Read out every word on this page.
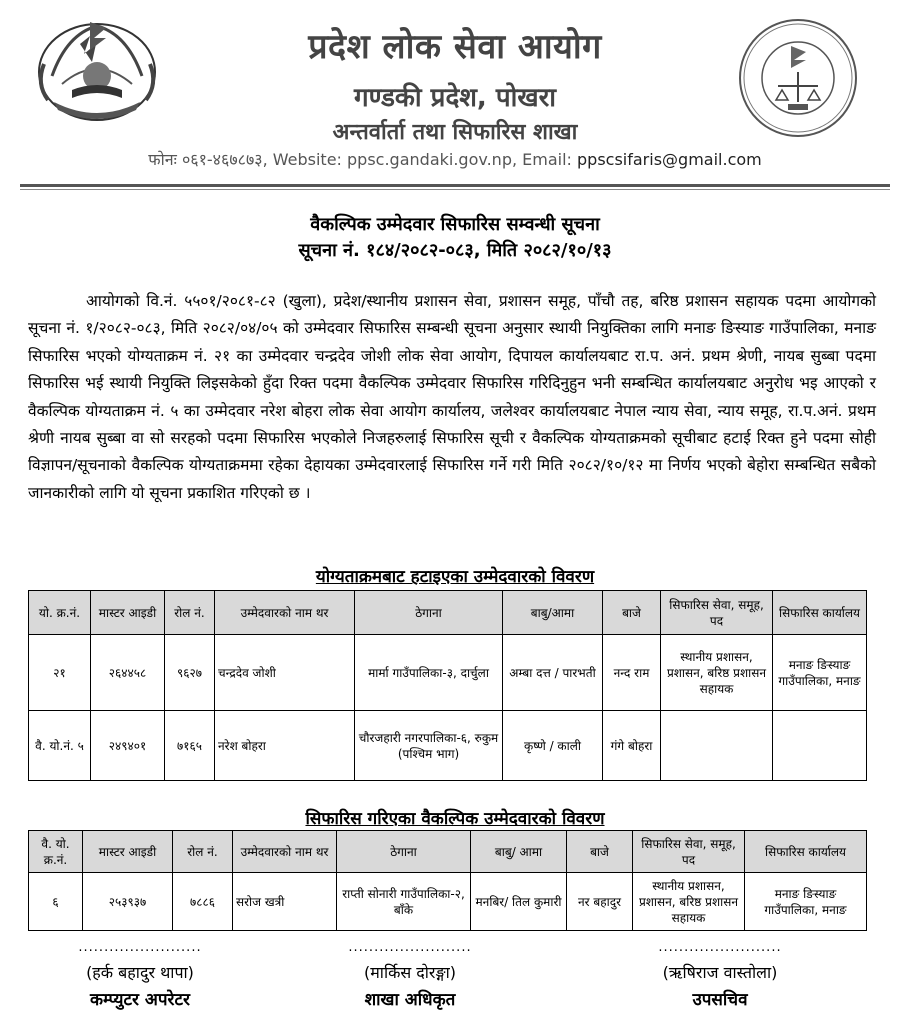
प्रदेश लोक सेवा आयोग
गण्डकी प्रदेश, पोखरा
अन्तर्वार्ता तथा सिफारिस शाखा
फोनः ०६१-४६७८७३, Website: ppsc.gandaki.gov.np, Email: ppscsifaris@gmail.com
वैकल्पिक उम्मेदवार सिफारिस सम्वन्धी सूचना
सूचना नं. १८४/२०८२-०८३, मिति २०८२/१०/१३
आयोगको वि.नं. ५५०१/२०८१-८२ (खुला), प्रदेश/स्थानीय प्रशासन सेवा, प्रशासन समूह, पाँचौ तह, बरिष्ठ प्रशासन सहायक पदमा आयोगको सूचना नं. १/२०८२-०८३, मिति २०८२/०४/०५ को उम्मेदवार सिफारिस सम्बन्धी सूचना अनुसार स्थायी नियुक्तिका लागि मनाङ ङिस्याङ गाउँपालिका, मनाङ सिफारिस भएको योग्यताक्रम नं. २१ का उम्मेदवार चन्द्रदेव जोशी लोक सेवा आयोग, दिपायल कार्यालयबाट रा.प. अनं. प्रथम श्रेणी, नायब सुब्बा पदमा सिफारिस भई स्थायी नियुक्ति लिइसकेको हुँदा रिक्त पदमा वैकल्पिक उम्मेदवार सिफारिस गरिदिनुहुन भनी सम्बन्धित कार्यालयबाट अनुरोध भइ आएको र वैकल्पिक योग्यताक्रम नं. ५ का उम्मेदवार नरेश बोहरा लोक सेवा आयोग कार्यालय, जलेश्वर कार्यालयबाट नेपाल न्याय सेवा, न्याय समूह, रा.प.अनं. प्रथम श्रेणी नायब सुब्बा वा सो सरहको पदमा सिफारिस भएकोले निजहरुलाई सिफारिस सूची र वैकल्पिक योग्यताक्रमको सूचीबाट हटाई रिक्त हुने पदमा सोही विज्ञापन/सूचनाको वैकल्पिक योग्यताक्रममा रहेका देहायका उम्मेदवारलाई सिफारिस गर्ने गरी मिति २०८२/१०/१२ मा निर्णय भएको बेहोरा सम्बन्धित सबैको जानकारीको लागि यो सूचना प्रकाशित गरिएको छ ।
योग्यताक्रमबाट हटाइएका उम्मेदवारको विवरण
यो. क्र.नं.	मास्टर आइडी	रोल नं.	उम्मेदवारको नाम थर	ठेगाना	बाबु/आमा	बाजे	सिफारिस सेवा, समूह, पद	सिफारिस कार्यालय
२१	२६४४५८	९६२७	चन्द्रदेव जोशी	मार्मा गाउँपालिका-३, दार्चुला	अम्बा दत्त / पारभती	नन्द राम	स्थानीय प्रशासन, प्रशासन, बरिष्ठ प्रशासन सहायक	मनाङ ङिस्याङ गाउँपालिका, मनाङ
वै. यो.नं. ५	२४९४०१	७१६५	नरेश बोहरा	चौरजहारी नगरपालिका-६, रुकुम (पश्चिम भाग)	कृष्णे / काली	गंगे बोहरा		
सिफारिस गरिएका वैकल्पिक उम्मेदवारको विवरण
वै. यो. क्र.नं.	मास्टर आइडी	रोल नं.	उम्मेदवारको नाम थर	ठेगाना	बाबु/ आमा	बाजे	सिफारिस सेवा, समूह, पद	सिफारिस कार्यालय
६	२५३९३७	७८८६	सरोज खत्री	राप्ती सोनारी गाउँपालिका-२, बाँके	मनबिर/ तिल कुमारी	नर बहादुर	स्थानीय प्रशासन, प्रशासन, बरिष्ठ प्रशासन सहायक	मनाङ ङिस्याङ गाउँपालिका, मनाङ
........................
(हर्क बहादुर थापा)
कम्प्युटर अपरेटर
........................
(मार्किस दोरङ्गा)
शाखा अधिकृत
........................
(ऋषिराज वास्तोला)
उपसचिव
